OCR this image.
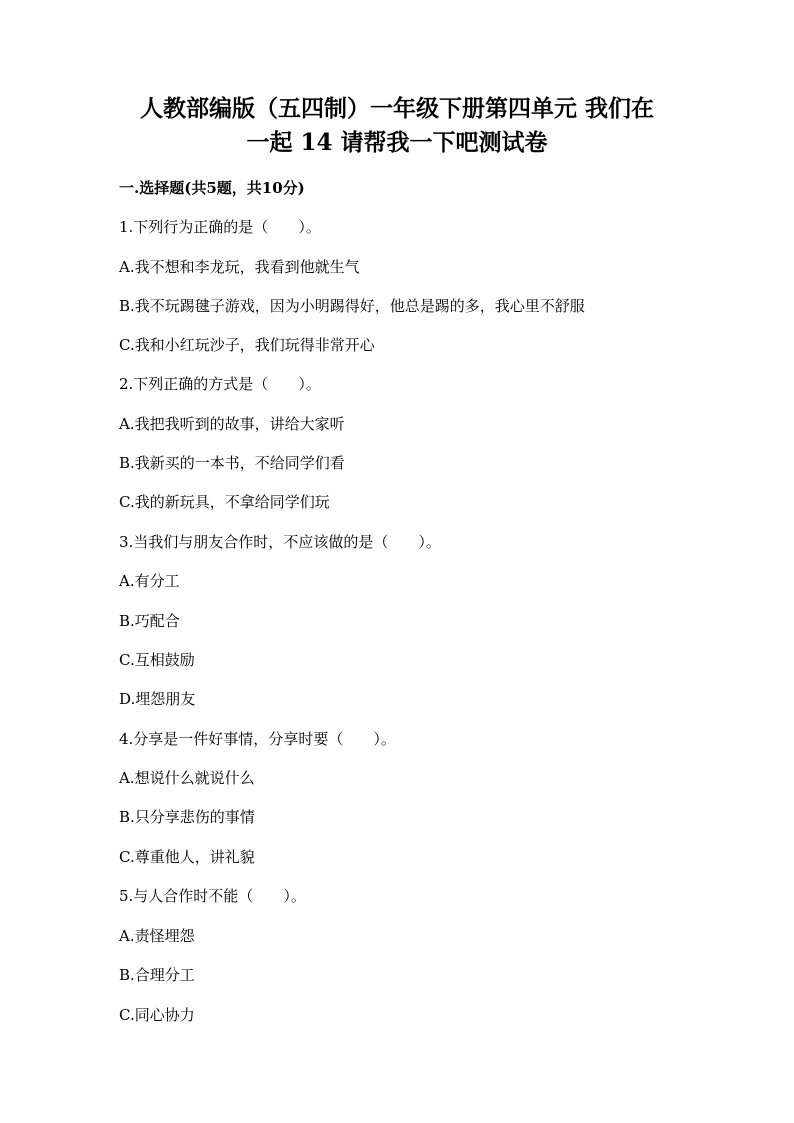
人教部编版（五四制）一年级下册第四单元 我们在
一起 14 请帮我一下吧测试卷

一.选择题(共5题，共10分)

1.下列行为正确的是（　　）。

A.我不想和李龙玩，我看到他就生气

B.我不玩踢毽子游戏，因为小明踢得好，他总是踢的多，我心里不舒服

C.我和小红玩沙子，我们玩得非常开心

2.下列正确的方式是（　　）。

A.我把我听到的故事，讲给大家听

B.我新买的一本书，不给同学们看

C.我的新玩具，不拿给同学们玩

3.当我们与朋友合作时，不应该做的是（　　）。

A.有分工

B.巧配合

C.互相鼓励

D.埋怨朋友

4.分享是一件好事情，分享时要（　　）。

A.想说什么就说什么

B.只分享悲伤的事情

C.尊重他人，讲礼貌

5.与人合作时不能（　　）。

A.责怪埋怨

B.合理分工

C.同心协力
